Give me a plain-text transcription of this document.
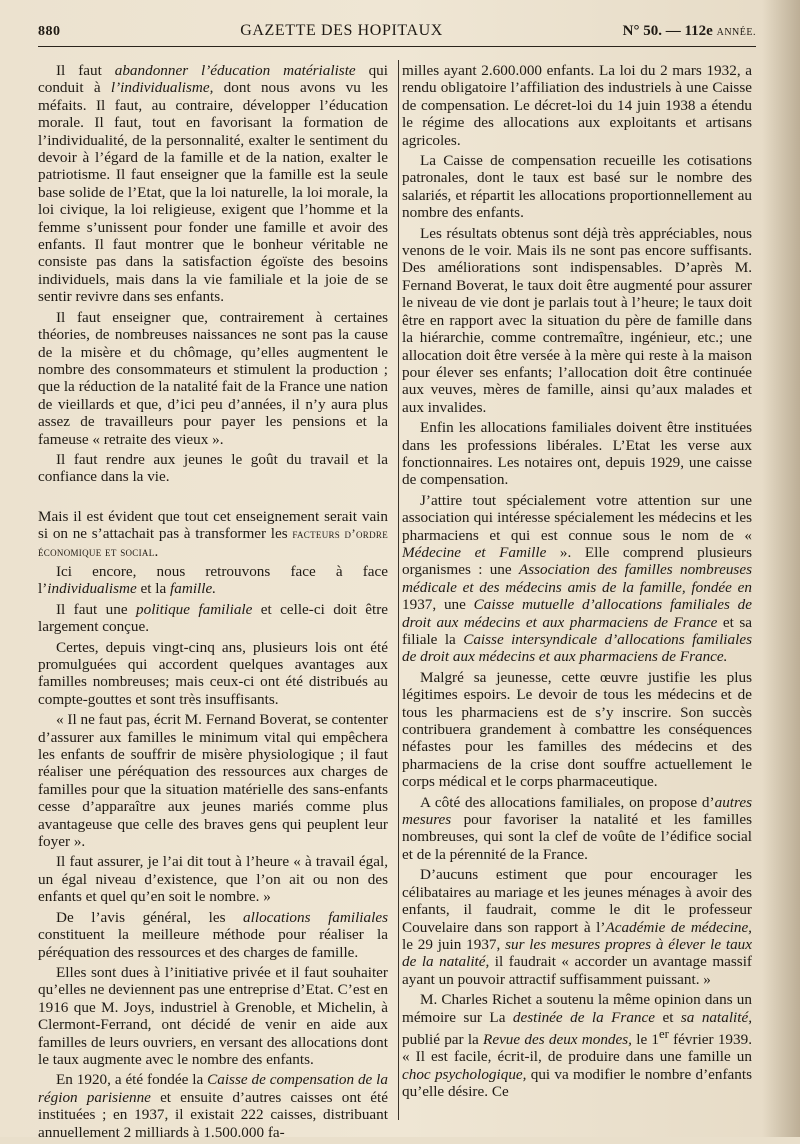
880	GAZETTE DES HOPITAUX	N° 50. — 112e ANNÉE.

Il faut abandonner l’éducation matérialiste qui conduit à l’individualisme, dont nous avons vu les méfaits. Il faut, au contraire, développer l’éducation morale. Il faut, tout en favorisant la formation de l’individualité, de la personnalité, exalter le sentiment du devoir à l’égard de la famille et de la nation, exalter le patriotisme. Il faut enseigner que la famille est la seule base solide de l’Etat, que la loi naturelle, la loi morale, la loi civique, la loi religieuse, exigent que l’homme et la femme s’unissent pour fonder une famille et avoir des enfants. Il faut montrer que le bonheur véritable ne consiste pas dans la satisfaction égoïste des besoins individuels, mais dans la vie familiale et la joie de se sentir revivre dans ses enfants.

Il faut enseigner que, contrairement à certaines théories, de nombreuses naissances ne sont pas la cause de la misère et du chômage, qu’elles augmentent le nombre des consommateurs et stimulent la production ; que la réduction de la natalité fait de la France une nation de vieillards et que, d’ici peu d’années, il n’y aura plus assez de travailleurs pour payer les pensions et la fameuse « retraite des vieux ».

Il faut rendre aux jeunes le goût du travail et la confiance dans la vie.

Mais il est évident que tout cet enseignement serait vain si on ne s’attachait pas à transformer les facteurs d’ordre économique et social.

Ici encore, nous retrouvons face à face l’individualisme et la famille.

Il faut une politique familiale et celle-ci doit être largement conçue.

Certes, depuis vingt-cinq ans, plusieurs lois ont été promulguées qui accordent quelques avantages aux familles nombreuses; mais ceux-ci ont été distribués au compte-gouttes et sont très insuffisants.

« Il ne faut pas, écrit M. Fernand Boverat, se contenter d’assurer aux familles le minimum vital qui empêchera les enfants de souffrir de misère physiologique ; il faut réaliser une péréquation des ressources aux charges de familles pour que la situation matérielle des sans-enfants cesse d’apparaître aux jeunes mariés comme plus avantageuse que celle des braves gens qui peuplent leur foyer ».

Il faut assurer, je l’ai dit tout à l’heure « à travail égal, un égal niveau d’existence, que l’on ait ou non des enfants et quel qu’en soit le nombre. »

De l’avis général, les allocations familiales constituent la meilleure méthode pour réaliser la péréquation des ressources et des charges de famille.

Elles sont dues à l’initiative privée et il faut souhaiter qu’elles ne deviennent pas une entreprise d’Etat. C’est en 1916 que M. Joys, industriel à Grenoble, et Michelin, à Clermont-Ferrand, ont décidé de venir en aide aux familles de leurs ouvriers, en versant des allocations dont le taux augmente avec le nombre des enfants.

En 1920, a été fondée la Caisse de compensation de la région parisienne et ensuite d’autres caisses ont été instituées ; en 1937, il existait 222 caisses, distribuant annuellement 2 milliards à 1.500.000 fa-

milles ayant 2.600.000 enfants. La loi du 2 mars 1932, a rendu obligatoire l’affiliation des industriels à une Caisse de compensation. Le décret-loi du 14 juin 1938 a étendu le régime des allocations aux exploitants et artisans agricoles.

La Caisse de compensation recueille les cotisations patronales, dont le taux est basé sur le nombre des salariés, et répartit les allocations proportionnellement au nombre des enfants.

Les résultats obtenus sont déjà très appréciables, nous venons de le voir. Mais ils ne sont pas encore suffisants. Des améliorations sont indispensables. D’après M. Fernand Boverat, le taux doit être augmenté pour assurer le niveau de vie dont je parlais tout à l’heure; le taux doit être en rapport avec la situation du père de famille dans la hiérarchie, comme contremaître, ingénieur, etc.; une allocation doit être versée à la mère qui reste à la maison pour élever ses enfants; l’allocation doit être continuée aux veuves, mères de famille, ainsi qu’aux malades et aux invalides.

Enfin les allocations familiales doivent être instituées dans les professions libérales. L’Etat les verse aux fonctionnaires. Les notaires ont, depuis 1929, une caisse de compensation.

J’attire tout spécialement votre attention sur une association qui intéresse spécialement les médecins et les pharmaciens et qui est connue sous le nom de « Médecine et Famille ». Elle comprend plusieurs organismes : une Association des familles nombreuses médicale et des médecins amis de la famille, fondée en 1937, une Caisse mutuelle d’allocations familiales de droit aux médecins et aux pharmaciens de France et sa filiale la Caisse intersyndicale d’allocations familiales de droit aux médecins et aux pharmaciens de France.

Malgré sa jeunesse, cette œuvre justifie les plus légitimes espoirs. Le devoir de tous les médecins et de tous les pharmaciens est de s’y inscrire. Son succès contribuera grandement à combattre les conséquences néfastes pour les familles des médecins et des pharmaciens de la crise dont souffre actuellement le corps médical et le corps pharmaceutique.

A côté des allocations familiales, on propose d’autres mesures pour favoriser la natalité et les familles nombreuses, qui sont la clef de voûte de l’édifice social et de la pérennité de la France.

D’aucuns estiment que pour encourager les célibataires au mariage et les jeunes ménages à avoir des enfants, il faudrait, comme le dit le professeur Couvelaire dans son rapport à l’Académie de médecine, le 29 juin 1937, sur les mesures propres à élever le taux de la natalité, il faudrait « accorder un avantage massif ayant un pouvoir attractif suffisamment puissant. »

M. Charles Richet a soutenu la même opinion dans un mémoire sur La destinée de la France et sa natalité, publié par la Revue des deux mondes, le 1er février 1939. « Il est facile, écrit-il, de produire dans une famille un choc psychologique, qui va modifier le nombre d’enfants qu’elle désire. Ce
